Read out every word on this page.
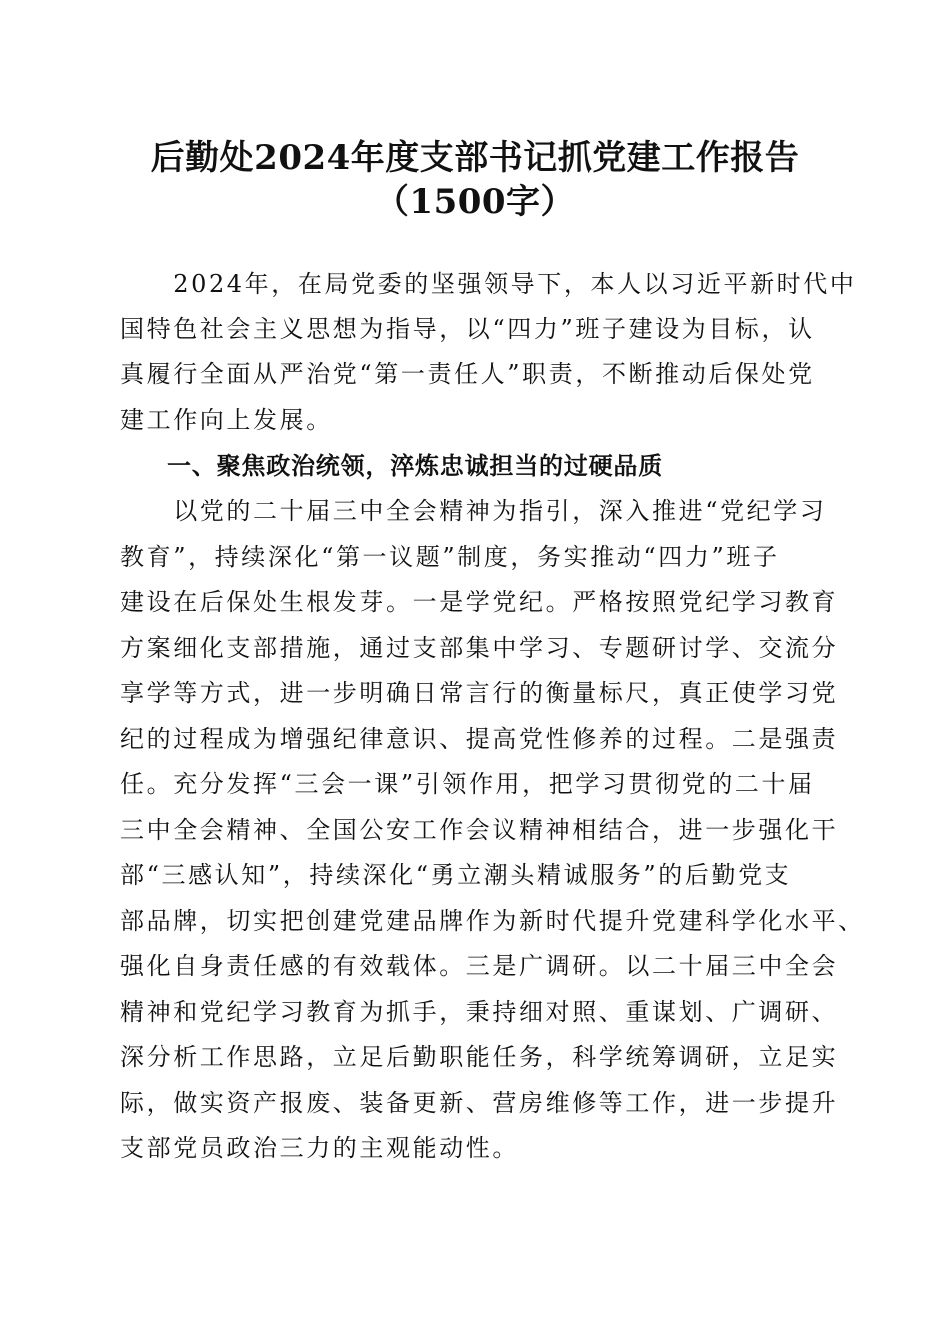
后勤处2024年度支部书记抓党建工作报告
（1500字）
　　2024年，在局党委的坚强领导下，本人以习近平新时代中
国特色社会主义思想为指导，以“四力”班子建设为目标，认
真履行全面从严治党“第一责任人”职责，不断推动后保处党
建工作向上发展。
一、聚焦政治统领，淬炼忠诚担当的过硬品质
　　以党的二十届三中全会精神为指引，深入推进“党纪学习
教育”，持续深化“第一议题”制度，务实推动“四力”班子
建设在后保处生根发芽。一是学党纪。严格按照党纪学习教育
方案细化支部措施，通过支部集中学习、专题研讨学、交流分
享学等方式，进一步明确日常言行的衡量标尺，真正使学习党
纪的过程成为增强纪律意识、提高党性修养的过程。二是强责
任。充分发挥“三会一课”引领作用，把学习贯彻党的二十届
三中全会精神、全国公安工作会议精神相结合，进一步强化干
部“三感认知”，持续深化“勇立潮头精诚服务”的后勤党支
部品牌，切实把创建党建品牌作为新时代提升党建科学化水平、
强化自身责任感的有效载体。三是广调研。以二十届三中全会
精神和党纪学习教育为抓手，秉持细对照、重谋划、广调研、
深分析工作思路，立足后勤职能任务，科学统筹调研，立足实
际，做实资产报废、装备更新、营房维修等工作，进一步提升
支部党员政治三力的主观能动性。
